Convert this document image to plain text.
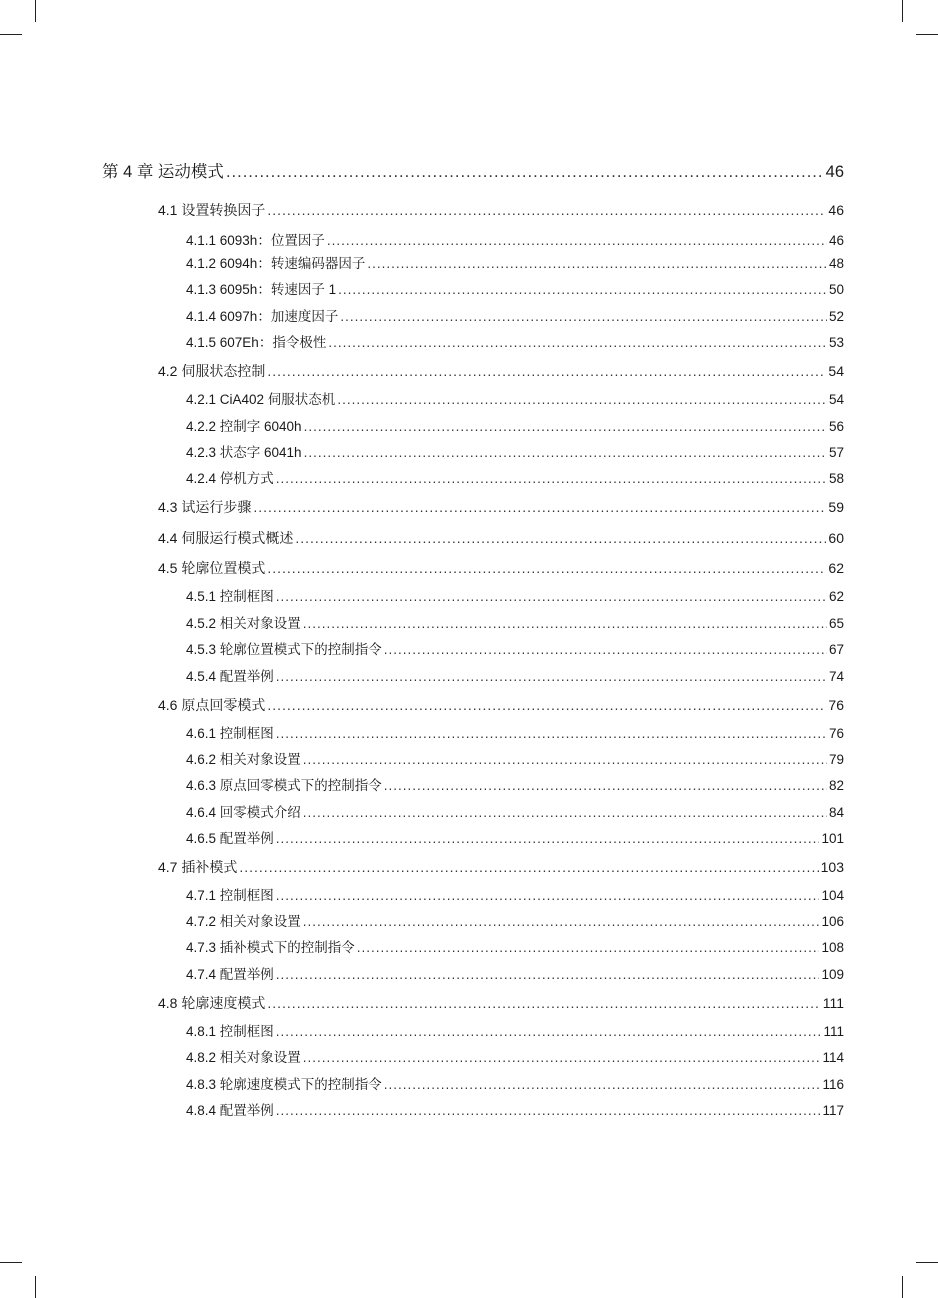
第 4 章 运动模式 .....	46
4.1 设置转换因子 .....	46
4.1.1 6093h：位置因子 .....	46
4.1.2 6094h：转速编码器因子 .....	48
4.1.3 6095h：转速因子 1 .....	50
4.1.4 6097h：加速度因子 .....	52
4.1.5 607Eh：指令极性 .....	53
4.2 伺服状态控制 .....	54
4.2.1 CiA402 伺服状态机 .....	54
4.2.2 控制字 6040h .....	56
4.2.3 状态字 6041h .....	57
4.2.4 停机方式 .....	58
4.3 试运行步骤 .....	59
4.4 伺服运行模式概述 .....	60
4.5 轮廓位置模式 .....	62
4.5.1 控制框图 .....	62
4.5.2 相关对象设置 .....	65
4.5.3 轮廓位置模式下的控制指令 .....	67
4.5.4 配置举例 .....	74
4.6 原点回零模式 .....	76
4.6.1 控制框图 .....	76
4.6.2 相关对象设置 .....	79
4.6.3 原点回零模式下的控制指令 .....	82
4.6.4 回零模式介绍 .....	84
4.6.5 配置举例 .....	101
4.7 插补模式 .....	103
4.7.1 控制框图 .....	104
4.7.2 相关对象设置 .....	106
4.7.3 插补模式下的控制指令 .....	108
4.7.4 配置举例 .....	109
4.8 轮廓速度模式 .....	111
4.8.1 控制框图 .....	111
4.8.2 相关对象设置 .....	114
4.8.3 轮廓速度模式下的控制指令 .....	116
4.8.4 配置举例 .....	117
